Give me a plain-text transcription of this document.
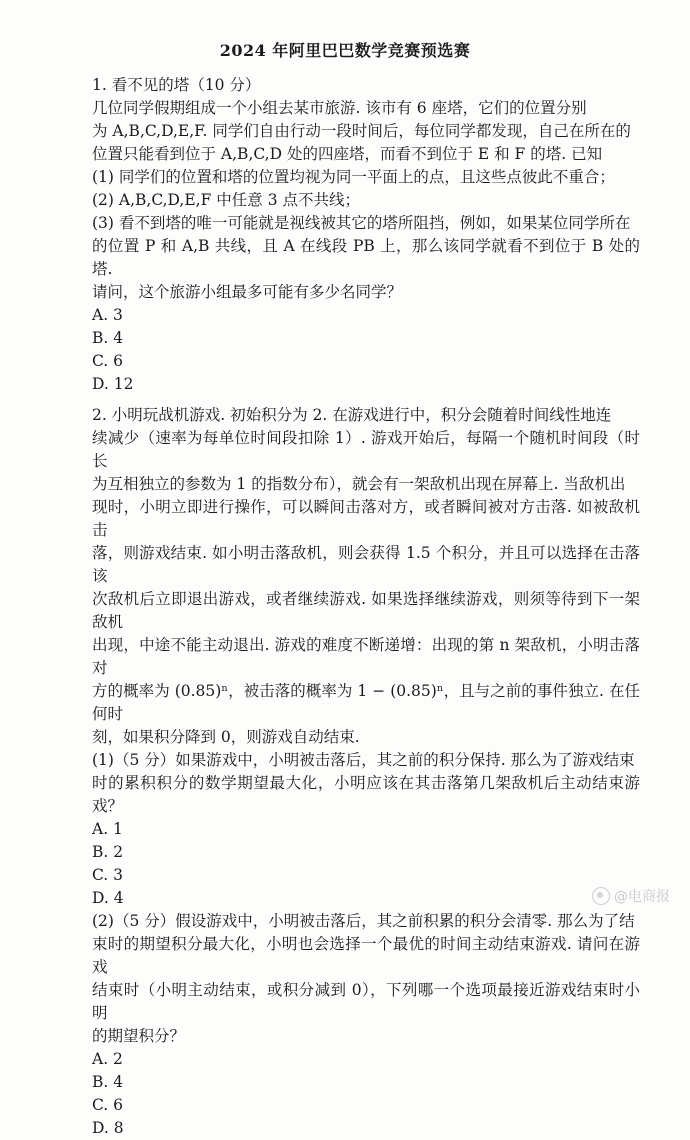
2024 年阿里巴巴数学竞赛预选赛

1. 看不见的塔（10 分）

几位同学假期组成一个小组去某市旅游. 该市有 6 座塔，它们的位置分别

为 A,B,C,D,E,F. 同学们自由行动一段时间后，每位同学都发现，自己在所在的

位置只能看到位于 A,B,C,D 处的四座塔，而看不到位于 E 和 F 的塔. 已知

(1) 同学们的位置和塔的位置均视为同一平面上的点，且这些点彼此不重合；

(2) A,B,C,D,E,F 中任意 3 点不共线；

(3) 看不到塔的唯一可能就是视线被其它的塔所阻挡，例如，如果某位同学所在

的位置 P 和 A,B 共线，且 A 在线段 PB 上，那么该同学就看不到位于 B 处的塔.

请问，这个旅游小组最多可能有多少名同学？

A. 3

B. 4

C. 6

D. 12

2. 小明玩战机游戏. 初始积分为 2. 在游戏进行中，积分会随着时间线性地连

续减少（速率为每单位时间段扣除 1）. 游戏开始后，每隔一个随机时间段（时长

为互相独立的参数为 1 的指数分布），就会有一架敌机出现在屏幕上. 当敌机出

现时，小明立即进行操作，可以瞬间击落对方，或者瞬间被对方击落. 如被敌机击

落，则游戏结束. 如小明击落敌机，则会获得 1.5 个积分，并且可以选择在击落该

次敌机后立即退出游戏，或者继续游戏. 如果选择继续游戏，则须等待到下一架敌机

出现，中途不能主动退出. 游戏的难度不断递增：出现的第 n 架敌机，小明击落对

方的概率为 (0.85)ⁿ，被击落的概率为 1 − (0.85)ⁿ，且与之前的事件独立. 在任何时

刻，如果积分降到 0，则游戏自动结束.

(1)（5 分）如果游戏中，小明被击落后，其之前的积分保持. 那么为了游戏结束

时的累积积分的数学期望最大化，小明应该在其击落第几架敌机后主动结束游戏？

A. 1

B. 2

C. 3

D. 4

(2)（5 分）假设游戏中，小明被击落后，其之前积累的积分会清零. 那么为了结

束时的期望积分最大化，小明也会选择一个最优的时间主动结束游戏. 请问在游戏

结束时（小明主动结束，或积分减到 0），下列哪一个选项最接近游戏结束时小明

的期望积分？

A. 2

B. 4

C. 6

D. 8

@电商报
